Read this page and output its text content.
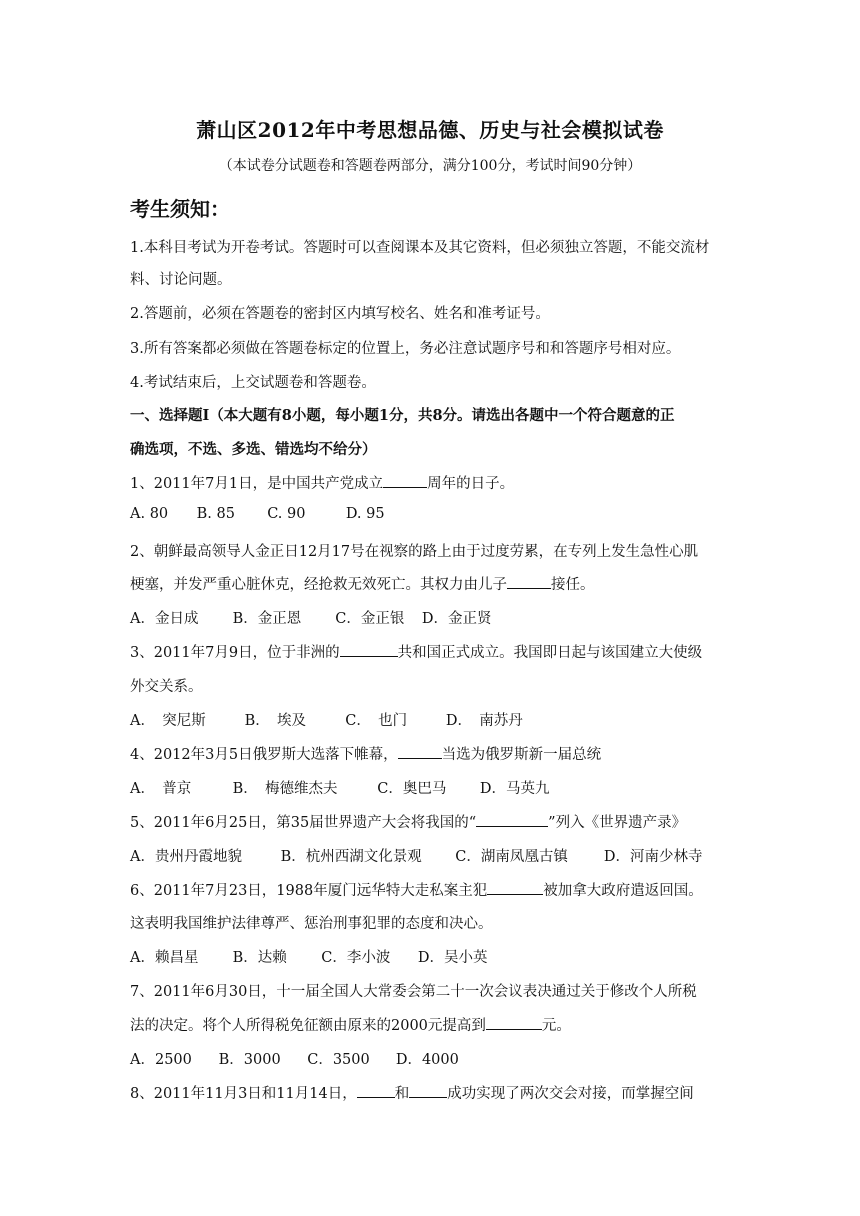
萧山区2012年中考思想品德、历史与社会模拟试卷
（本试卷分试题卷和答题卷两部分，满分100分，考试时间90分钟）
考生须知：
1.本科目考试为开卷考试。答题时可以查阅课本及其它资料，但必须独立答题，不能交流材
料、讨论问题。
2.答题前，必须在答题卷的密封区内填写校名、姓名和准考证号。
3.所有答案都必须做在答题卷标定的位置上，务必注意试题序号和和答题序号相对应。
4.考试结束后，上交试题卷和答题卷。
一、选择题Ⅰ（本大题有8小题，每小题1分，共8分。请选出各题中一个符合题意的正
确选项，不选、多选、错选均不给分）
1、2011年7月1日，是中国共产党成立	周年的日子。
A. 80 B. 85 C. 90	D. 95
2、朝鲜最高领导人金正日12月17号在视察的路上由于过度劳累，在专列上发生急性心肌
梗塞，并发严重心脏休克，经抢救无效死亡。其权力由儿子	接任。
A．金日成 B．金正恩 C．金正银 D．金正贤
3、2011年7月9日，位于非洲的	共和国正式成立。我国即日起与该国建立大使级
外交关系。
A．　突尼斯	B．　埃及	C．　也门	D．　南苏丹
4、2012年3月5日俄罗斯大选落下帷幕，	当选为俄罗斯新一届总统
A．　普京	B．　梅德维杰夫	C．奥巴马 D．马英九
5、2011年6月25日，第35届世界遗产大会将我国的“	”列入《世界遗产录》
A．贵州丹霞地貌	B．杭州西湖文化景观 C．湖南凤凰古镇 D．河南少林寺
6、2011年7月23日，1988年厦门远华特大走私案主犯	被加拿大政府遣返回国。
这表明我国维护法律尊严、惩治刑事犯罪的态度和决心。
A．赖昌星 B．达赖 C．李小波 D．吴小英
7、2011年6月30日，十一届全国人大常委会第二十一次会议表决通过关于修改个人所税
法的决定。将个人所得税免征额由原来的2000元提高到	元。
A．2500 B．3000 C．3500 D．4000
8、2011年11月3日和11月14日，	和	成功实现了两次交会对接，而掌握空间
